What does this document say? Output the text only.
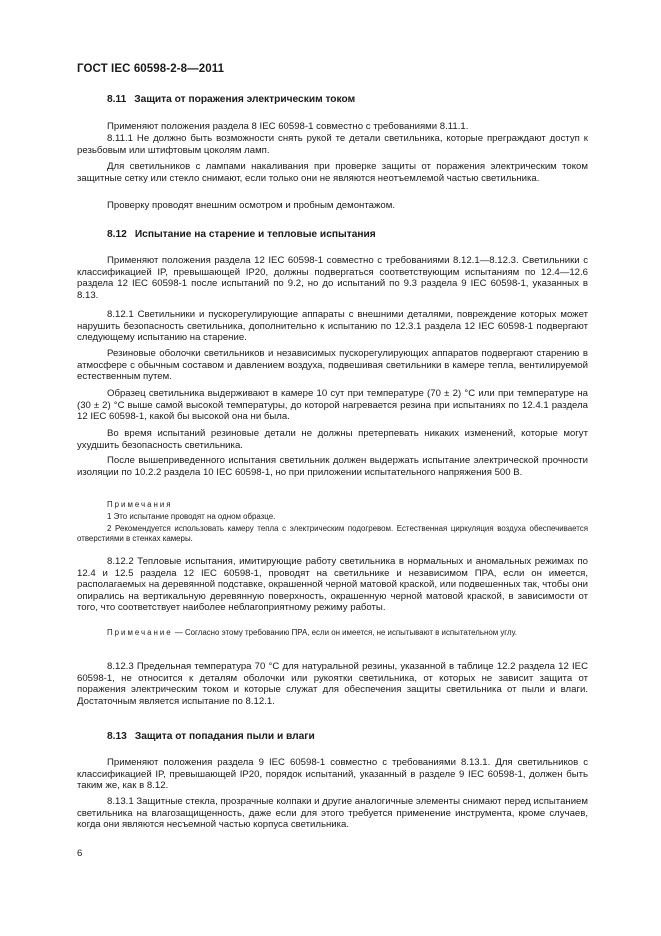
ГОСТ IEC 60598-2-8—2011
8.11 Защита от поражения электрическим током
Применяют положения раздела 8 IEC 60598-1 совместно с требованиями 8.11.1.
8.11.1 Не должно быть возможности снять рукой те детали светильника, которые преграждают доступ к резьбовым или штифтовым цоколям ламп.
Для светильников с лампами накаливания при проверке защиты от поражения электрическим током защитные сетку или стекло снимают, если только они не являются неотъемлемой частью светильника.
Проверку проводят внешним осмотром и пробным демонтажом.
8.12 Испытание на старение и тепловые испытания
Применяют положения раздела 12 IEC 60598-1 совместно с требованиями 8.12.1—8.12.3. Светильники с классификацией IP, превышающей IP20, должны подвергаться соответствующим испытаниям по 12.4—12.6 раздела 12 IEC 60598-1 после испытаний по 9.2, но до испытаний по 9.3 раздела 9 IEC 60598-1, указанных в 8.13.
8.12.1 Светильники и пускорегулирующие аппараты с внешними деталями, повреждение которых может нарушить безопасность светильника, дополнительно к испытанию по 12.3.1 раздела 12 IEC 60598-1 подвергают следующему испытанию на старение.
Резиновые оболочки светильников и независимых пускорегулирующих аппаратов подвергают старению в атмосфере с обычным составом и давлением воздуха, подвешивая светильники в камере тепла, вентилируемой естественным путем.
Образец светильника выдерживают в камере 10 сут при температуре (70 ± 2) °С или при температуре на (30 ± 2) °С выше самой высокой температуры, до которой нагревается резина при испытаниях по 12.4.1 раздела 12 IEC 60598-1, какой бы высокой она ни была.
Во время испытаний резиновые детали не должны претерпевать никаких изменений, которые могут ухудшить безопасность светильника.
После вышеприведенного испытания светильник должен выдержать испытание электрической прочности изоляции по 10.2.2 раздела 10 IEC 60598-1, но при приложении испытательного напряжения 500 В.
Примечания
1 Это испытание проводят на одном образце.
2 Рекомендуется использовать камеру тепла с электрическим подогревом. Естественная циркуляция воздуха обеспечивается отверстиями в стенках камеры.
8.12.2 Тепловые испытания, имитирующие работу светильника в нормальных и аномальных режимах по 12.4 и 12.5 раздела 12 IEC 60598-1, проводят на светильнике и независимом ПРА, если он имеется, располагаемых на деревянной подставке, окрашенной черной матовой краской, или подвешенных так, чтобы они опирались на вертикальную деревянную поверхность, окрашенную черной матовой краской, в зависимости от того, что соответствует наиболее неблагоприятному режиму работы.
Примечание — Согласно этому требованию ПРА, если он имеется, не испытывают в испытательном углу.
8.12.3 Предельная температура 70 °С для натуральной резины, указанной в таблице 12.2 раздела 12 IEC 60598-1, не относится к деталям оболочки или рукоятки светильника, от которых не зависит защита от поражения электрическим током и которые служат для обеспечения защиты светильника от пыли и влаги. Достаточным является испытание по 8.12.1.
8.13 Защита от попадания пыли и влаги
Применяют положения раздела 9 IEC 60598-1 совместно с требованиями 8.13.1. Для светильников с классификацией IP, превышающей IP20, порядок испытаний, указанный в разделе 9 IEC 60598-1, должен быть таким же, как в 8.12.
8.13.1 Защитные стекла, прозрачные колпаки и другие аналогичные элементы снимают перед испытанием светильника на влагозащищенность, даже если для этого требуется применение инструмента, кроме случаев, когда они являются несъемной частью корпуса светильника.
6
